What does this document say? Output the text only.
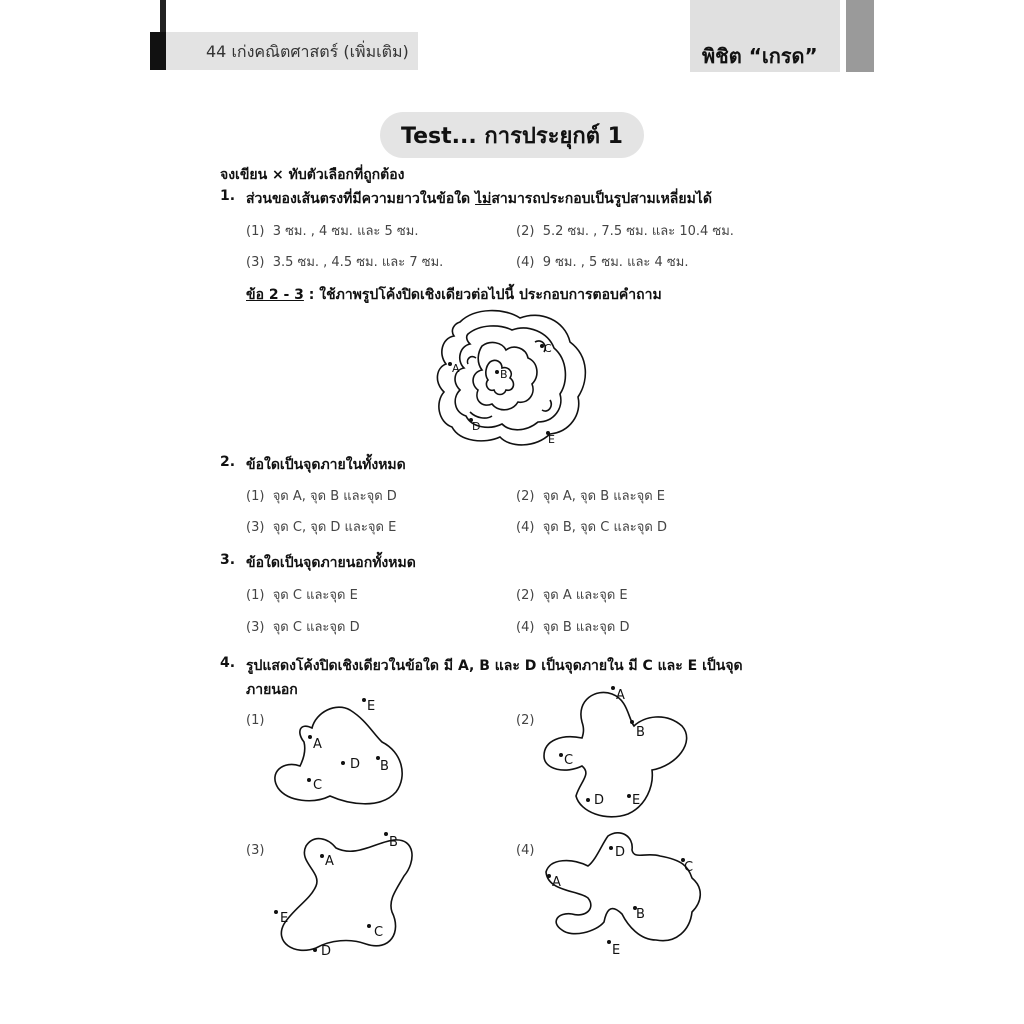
44 เก่งคณิตศาสตร์ (เพิ่มเติม)	พิชิต “เกรด”
Test... การประยุกต์ 1
จงเขียน × ทับตัวเลือกที่ถูกต้อง
1. ส่วนของเส้นตรงที่มีความยาวในข้อใด ไม่สามารถประกอบเป็นรูปสามเหลี่ยมได้
(1) 3 ซม. , 4 ซม. และ 5 ซม.	(2) 5.2 ซม. , 7.5 ซม. และ 10.4 ซม.
(3) 3.5 ซม. , 4.5 ซม. และ 7 ซม.	(4) 9 ซม. , 5 ซม. และ 4 ซม.
ข้อ 2 - 3 : ใช้ภาพรูปโค้งปิดเชิงเดียวต่อไปนี้ ประกอบการตอบคำถาม
A	B
C
D
E
2. ข้อใดเป็นจุดภายในทั้งหมด
(1) จุด A, จุด B และจุด D	(2) จุด A, จุด B และจุด E
(3) จุด C, จุด D และจุด E	(4) จุด B, จุด C และจุด D
3. ข้อใดเป็นจุดภายนอกทั้งหมด
(1) จุด C และจุด E	(2) จุด A และจุด E
(3) จุด C และจุด D	(4) จุด B และจุด D
4. รูปแสดงโค้งปิดเชิงเดียวในข้อใด มี A, B และ D เป็นจุดภายใน มี C และ E เป็นจุด
ภายนอก
(1)
A
B
C
D
E
(2)
A
B
C
D E
(3)
A
B
C
D
E
(4)
A
B
C
D
E
